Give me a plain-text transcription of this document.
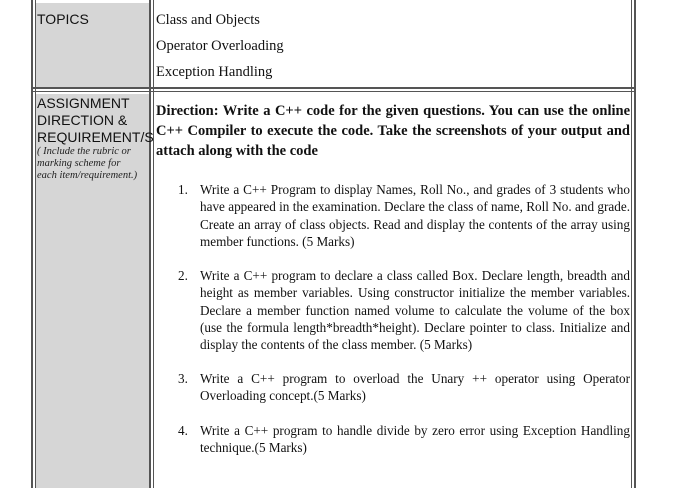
TOPICS	Class and Objects
Operator Overloading
Exception Handling
ASSIGNMENT
DIRECTION &
REQUIREMENT/S
( Include the rubric or
marking scheme for
each item/requirement.)

Direction: Write a C++ code for the given questions. You can use the online C++ Compiler to execute the code. Take the screenshots of your output and attach along with the code

1. Write a C++ Program to display Names, Roll No., and grades of 3 students who have appeared in the examination. Declare the class of name, Roll No. and grade. Create an array of class objects. Read and display the contents of the array using member functions. (5 Marks)
2. Write a C++ program to declare a class called Box. Declare length, breadth and height as member variables. Using constructor initialize the member variables. Declare a member function named volume to calculate the volume of the box (use the formula length*breadth*height). Declare pointer to class. Initialize and display the contents of the class member. (5 Marks)
3. Write a C++ program to overload the Unary ++ operator using Operator Overloading concept.(5 Marks)
4. Write a C++ program to handle divide by zero error using Exception Handling technique.(5 Marks)
